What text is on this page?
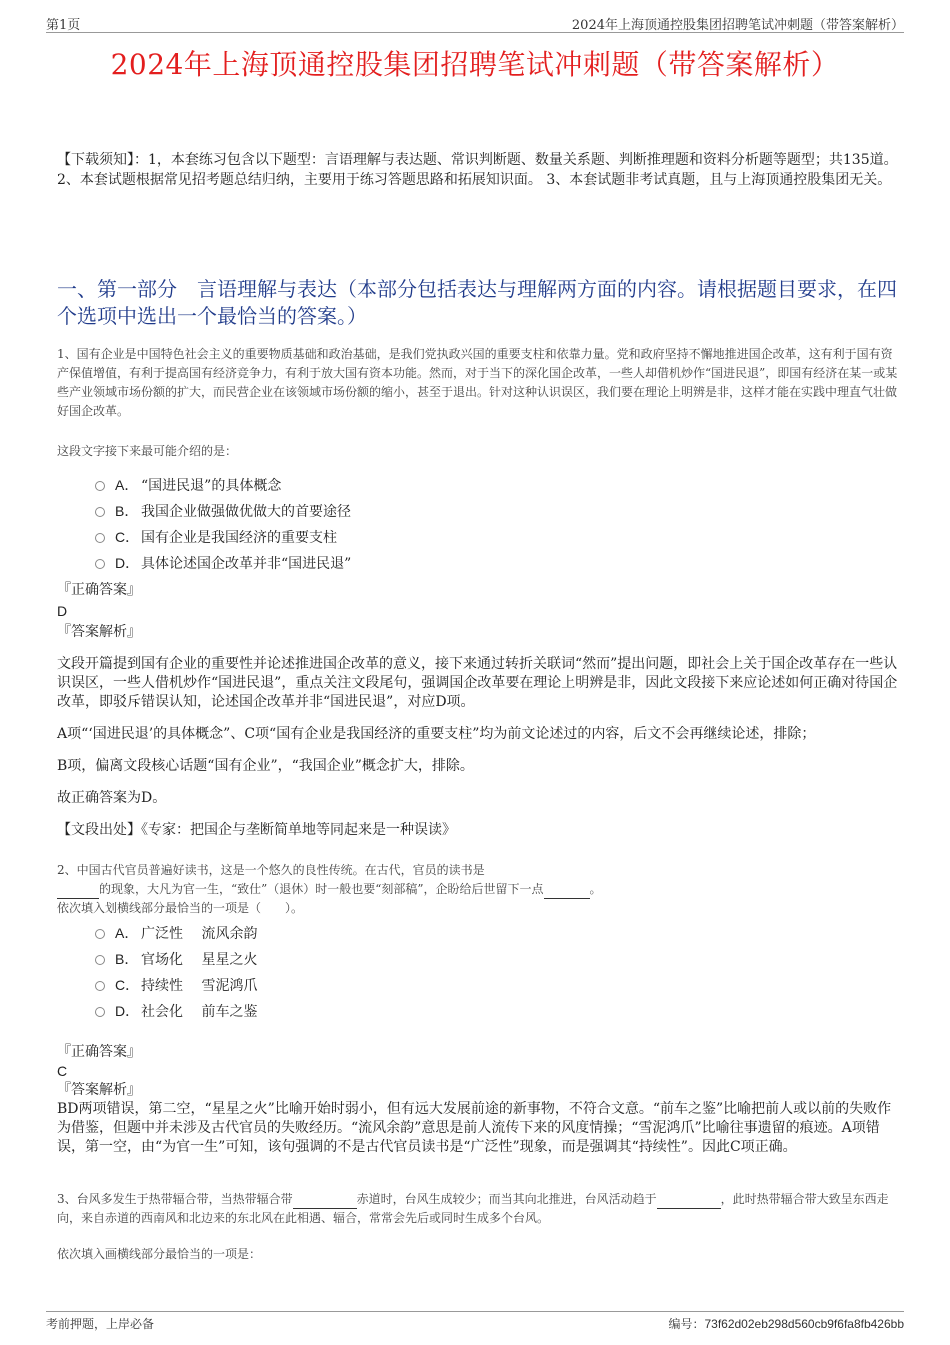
第1页	2024年上海顶通控股集团招聘笔试冲刺题（带答案解析）
2024年上海顶通控股集团招聘笔试冲刺题（带答案解析）
【下载须知】：1，本套练习包含以下题型：言语理解与表达题、常识判断题、数量关系题、判断推理题和资料分析题等题型；共135道。 2、本套试题根据常见招考题总结归纳，主要用于练习答题思路和拓展知识面。 3、本套试题非考试真题，且与上海顶通控股集团无关。
一、第一部分　言语理解与表达（本部分包括表达与理解两方面的内容。请根据题目要求，在四个选项中选出一个最恰当的答案。）
1、国有企业是中国特色社会主义的重要物质基础和政治基础，是我们党执政兴国的重要支柱和依靠力量。党和政府坚持不懈地推进国企改革，这有利于国有资产保值增值，有利于提高国有经济竞争力，有利于放大国有资本功能。然而，对于当下的深化国企改革，一些人却借机炒作“国进民退”，即国有经济在某一或某些产业领域市场份额的扩大，而民营企业在该领域市场份额的缩小，甚至于退出。针对这种认识误区，我们要在理论上明辨是非，这样才能在实践中理直气壮做好国企改革。
这段文字接下来最可能介绍的是：
A． “国进民退”的具体概念
B． 我国企业做强做优做大的首要途径
C． 国有企业是我国经济的重要支柱
D． 具体论述国企改革并非“国进民退”

『正确答案』

D

『答案解析』

文段开篇提到国有企业的重要性并论述推进国企改革的意义，接下来通过转折关联词“然而”提出问题，即社会上关于国企改革存在一些认识误区，一些人借机炒作“国进民退”，重点关注文段尾句，强调国企改革要在理论上明辨是非，因此文段接下来应论述如何正确对待国企改革，即驳斥错误认知，论述国企改革并非“国进民退”，对应D项。

A项“‘国进民退’的具体概念”、C项“国有企业是我国经济的重要支柱”均为前文论述过的内容，后文不会再继续论述，排除；

B项，偏离文段核心话题“国有企业”，“我国企业”概念扩大，排除。

故正确答案为D。

【文段出处】《专家：把国企与垄断简单地等同起来是一种误读》

2、中国古代官员普遍好读书，这是一个悠久的良性传统。在古代，官员的读书是
的现象，大凡为官一生，“致仕”（退休）时一般也要“刻部稿”，企盼给后世留下一点	。
依次填入划横线部分最恰当的一项是（　　）。
A． 广泛性　 流风余韵
B． 官场化　 星星之火
C． 持续性　 雪泥鸿爪
D． 社会化　 前车之鉴

『正确答案』

C

『答案解析』

BD两项错误，第二空，“星星之火”比喻开始时弱小，但有远大发展前途的新事物，不符合文意。“前车之鉴”比喻把前人或以前的失败作为借鉴，但题中并未涉及古代官员的失败经历。“流风余韵”意思是前人流传下来的风度情操；“雪泥鸿爪”比喻往事遗留的痕迹。A项错误，第一空，由“为官一生”可知，该句强调的不是古代官员读书是“广泛性”现象，而是强调其“持续性”。因此C项正确。

3、台风多发生于热带辐合带，当热带辐合带	赤道时，台风生成较少；而当其向北推进，台风活动趋于	，此时热带辐合带大致呈东西走向，来自赤道的西南风和北边来的东北风在此相遇、辐合，常常会先后或同时生成多个台风。
依次填入画横线部分最恰当的一项是：
考前押题，上岸必备	编号：73f62d02eb298d560cb9f6fa8fb426bb
